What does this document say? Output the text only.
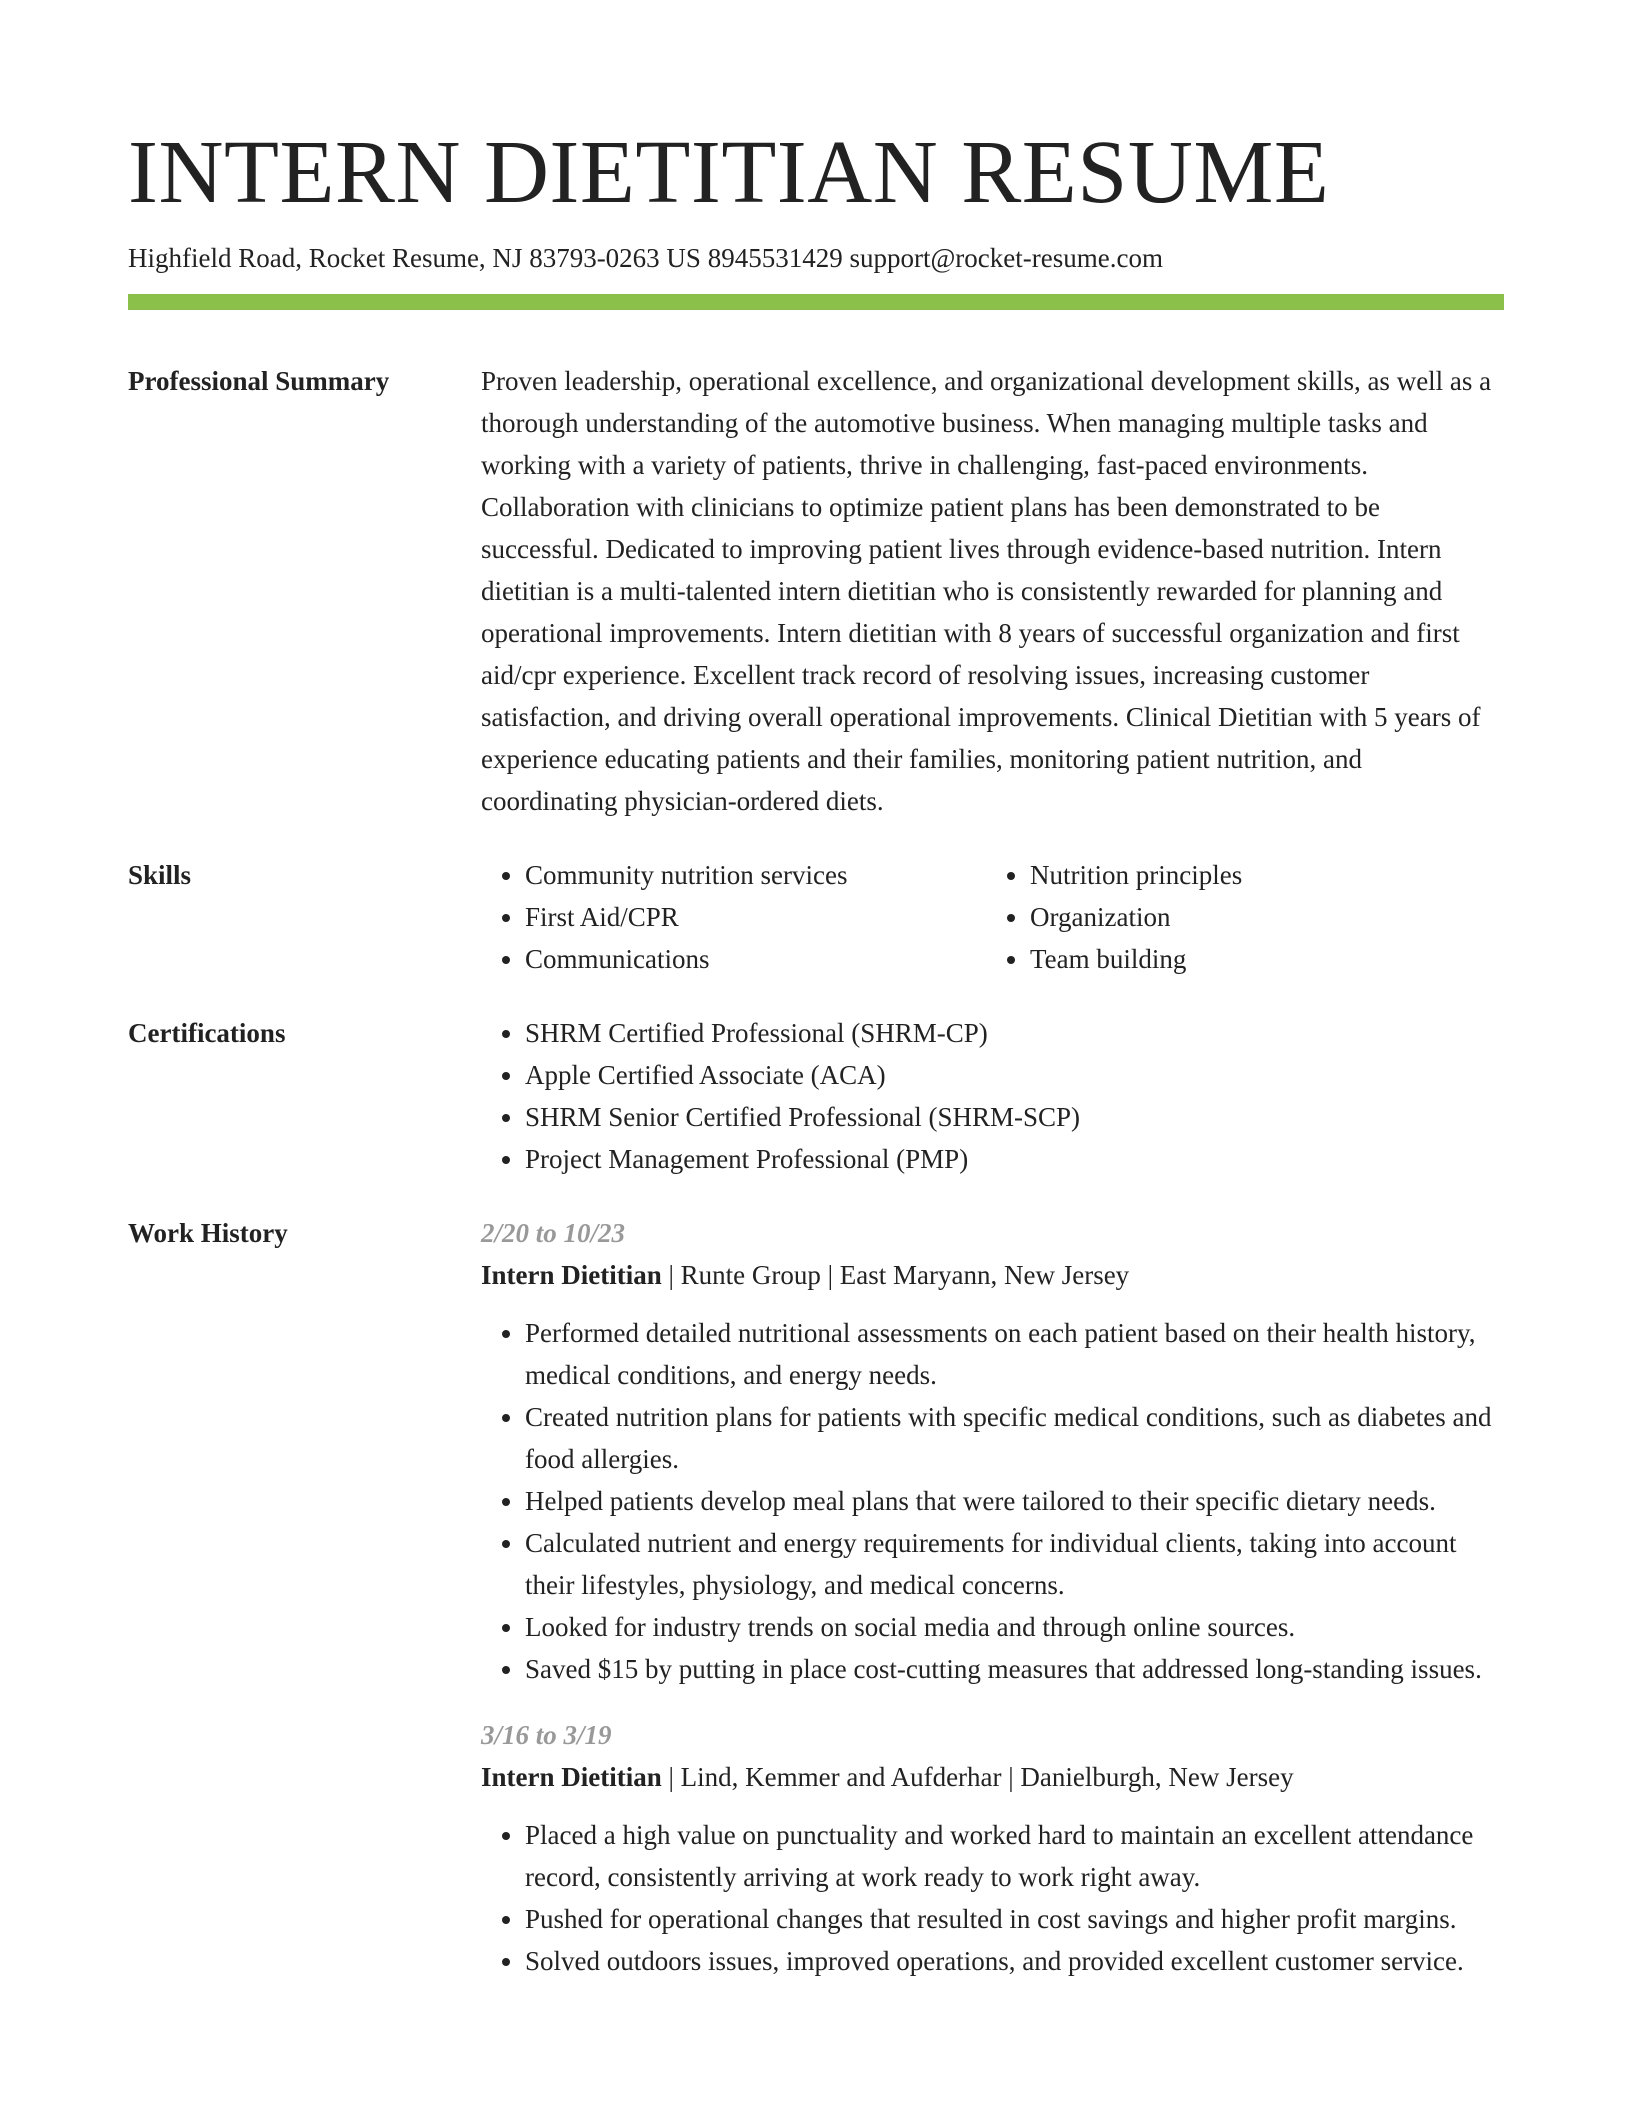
INTERN DIETITIAN RESUME
Highfield Road, Rocket Resume, NJ 83793-0263 US 8945531429 support@rocket-resume.com
Professional Summary	Proven leadership, operational excellence, and organizational development skills, as well as a thorough understanding of the automotive business. When managing multiple tasks and working with a variety of patients, thrive in challenging, fast-paced environments. Collaboration with clinicians to optimize patient plans has been demonstrated to be successful. Dedicated to improving patient lives through evidence-based nutrition. Intern dietitian is a multi-talented intern dietitian who is consistently rewarded for planning and operational improvements. Intern dietitian with 8 years of successful organization and first aid/cpr experience. Excellent track record of resolving issues, increasing customer satisfaction, and driving overall operational improvements. Clinical Dietitian with 5 years of experience educating patients and their families, monitoring patient nutrition, and coordinating physician-ordered diets.

Skills	• Community nutrition services
• First Aid/CPR
• Communications
• Nutrition principles
• Organization
• Team building
Certifications	• SHRM Certified Professional (SHRM-CP)
• Apple Certified Associate (ACA)
• SHRM Senior Certified Professional (SHRM-SCP)
• Project Management Professional (PMP)
Work History	2/20 to 10/23
Intern Dietitian | Runte Group | East Maryann, New Jersey
• Performed detailed nutritional assessments on each patient based on their health history, medical conditions, and energy needs.
• Created nutrition plans for patients with specific medical conditions, such as diabetes and food allergies.
• Helped patients develop meal plans that were tailored to their specific dietary needs.
• Calculated nutrient and energy requirements for individual clients, taking into account their lifestyles, physiology, and medical concerns.
• Looked for industry trends on social media and through online sources.
• Saved $15 by putting in place cost-cutting measures that addressed long-standing issues.
3/16 to 3/19
Intern Dietitian | Lind, Kemmer and Aufderhar | Danielburgh, New Jersey
• Placed a high value on punctuality and worked hard to maintain an excellent attendance record, consistently arriving at work ready to work right away.
• Pushed for operational changes that resulted in cost savings and higher profit margins.
• Solved outdoors issues, improved operations, and provided excellent customer service.
